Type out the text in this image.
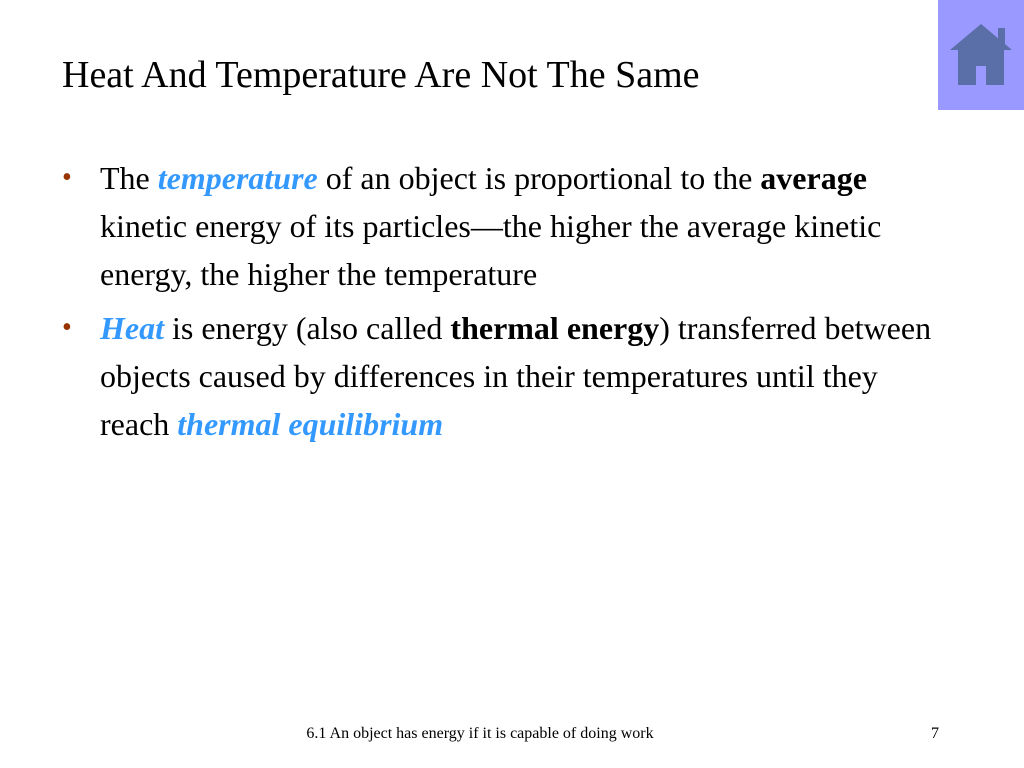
Heat And Temperature Are Not The Same
• The temperature of an object is proportional to the average kinetic energy of its particles—the higher the average kinetic energy, the higher the temperature
• Heat is energy (also called thermal energy) transferred between objects caused by differences in their temperatures until they reach thermal equilibrium
6.1 An object has energy if it is capable of doing work	7
